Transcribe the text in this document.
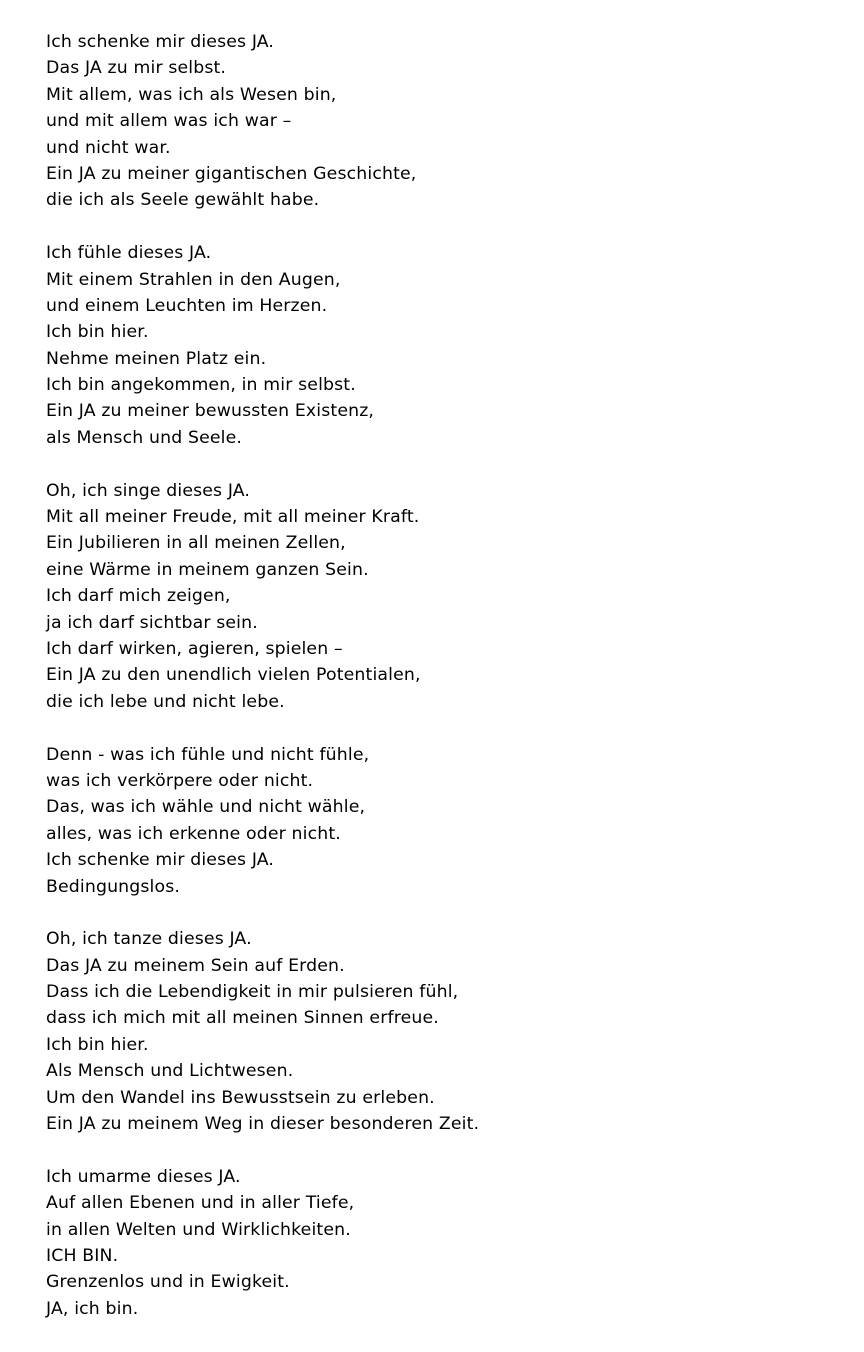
Ich schenke mir dieses JA.
Das JA zu mir selbst.
Mit allem, was ich als Wesen bin,
und mit allem was ich war –
und nicht war.
Ein JA zu meiner gigantischen Geschichte,
die ich als Seele gewählt habe.
Ich fühle dieses JA.
Mit einem Strahlen in den Augen,
und einem Leuchten im Herzen.
Ich bin hier.
Nehme meinen Platz ein.
Ich bin angekommen, in mir selbst.
Ein JA zu meiner bewussten Existenz,
als Mensch und Seele.
Oh, ich singe dieses JA.
Mit all meiner Freude, mit all meiner Kraft.
Ein Jubilieren in all meinen Zellen,
eine Wärme in meinem ganzen Sein.
Ich darf mich zeigen,
ja ich darf sichtbar sein.
Ich darf wirken, agieren, spielen –
Ein JA zu den unendlich vielen Potentialen,
die ich lebe und nicht lebe.
Denn - was ich fühle und nicht fühle,
was ich verkörpere oder nicht.
Das, was ich wähle und nicht wähle,
alles, was ich erkenne oder nicht.
Ich schenke mir dieses JA.
Bedingungslos.
Oh, ich tanze dieses JA.
Das JA zu meinem Sein auf Erden.
Dass ich die Lebendigkeit in mir pulsieren fühl,
dass ich mich mit all meinen Sinnen erfreue.
Ich bin hier.
Als Mensch und Lichtwesen.
Um den Wandel ins Bewusstsein zu erleben.
Ein JA zu meinem Weg in dieser besonderen Zeit.
Ich umarme dieses JA.
Auf allen Ebenen und in aller Tiefe,
in allen Welten und Wirklichkeiten.
ICH BIN.
Grenzenlos und in Ewigkeit.
JA, ich bin.
